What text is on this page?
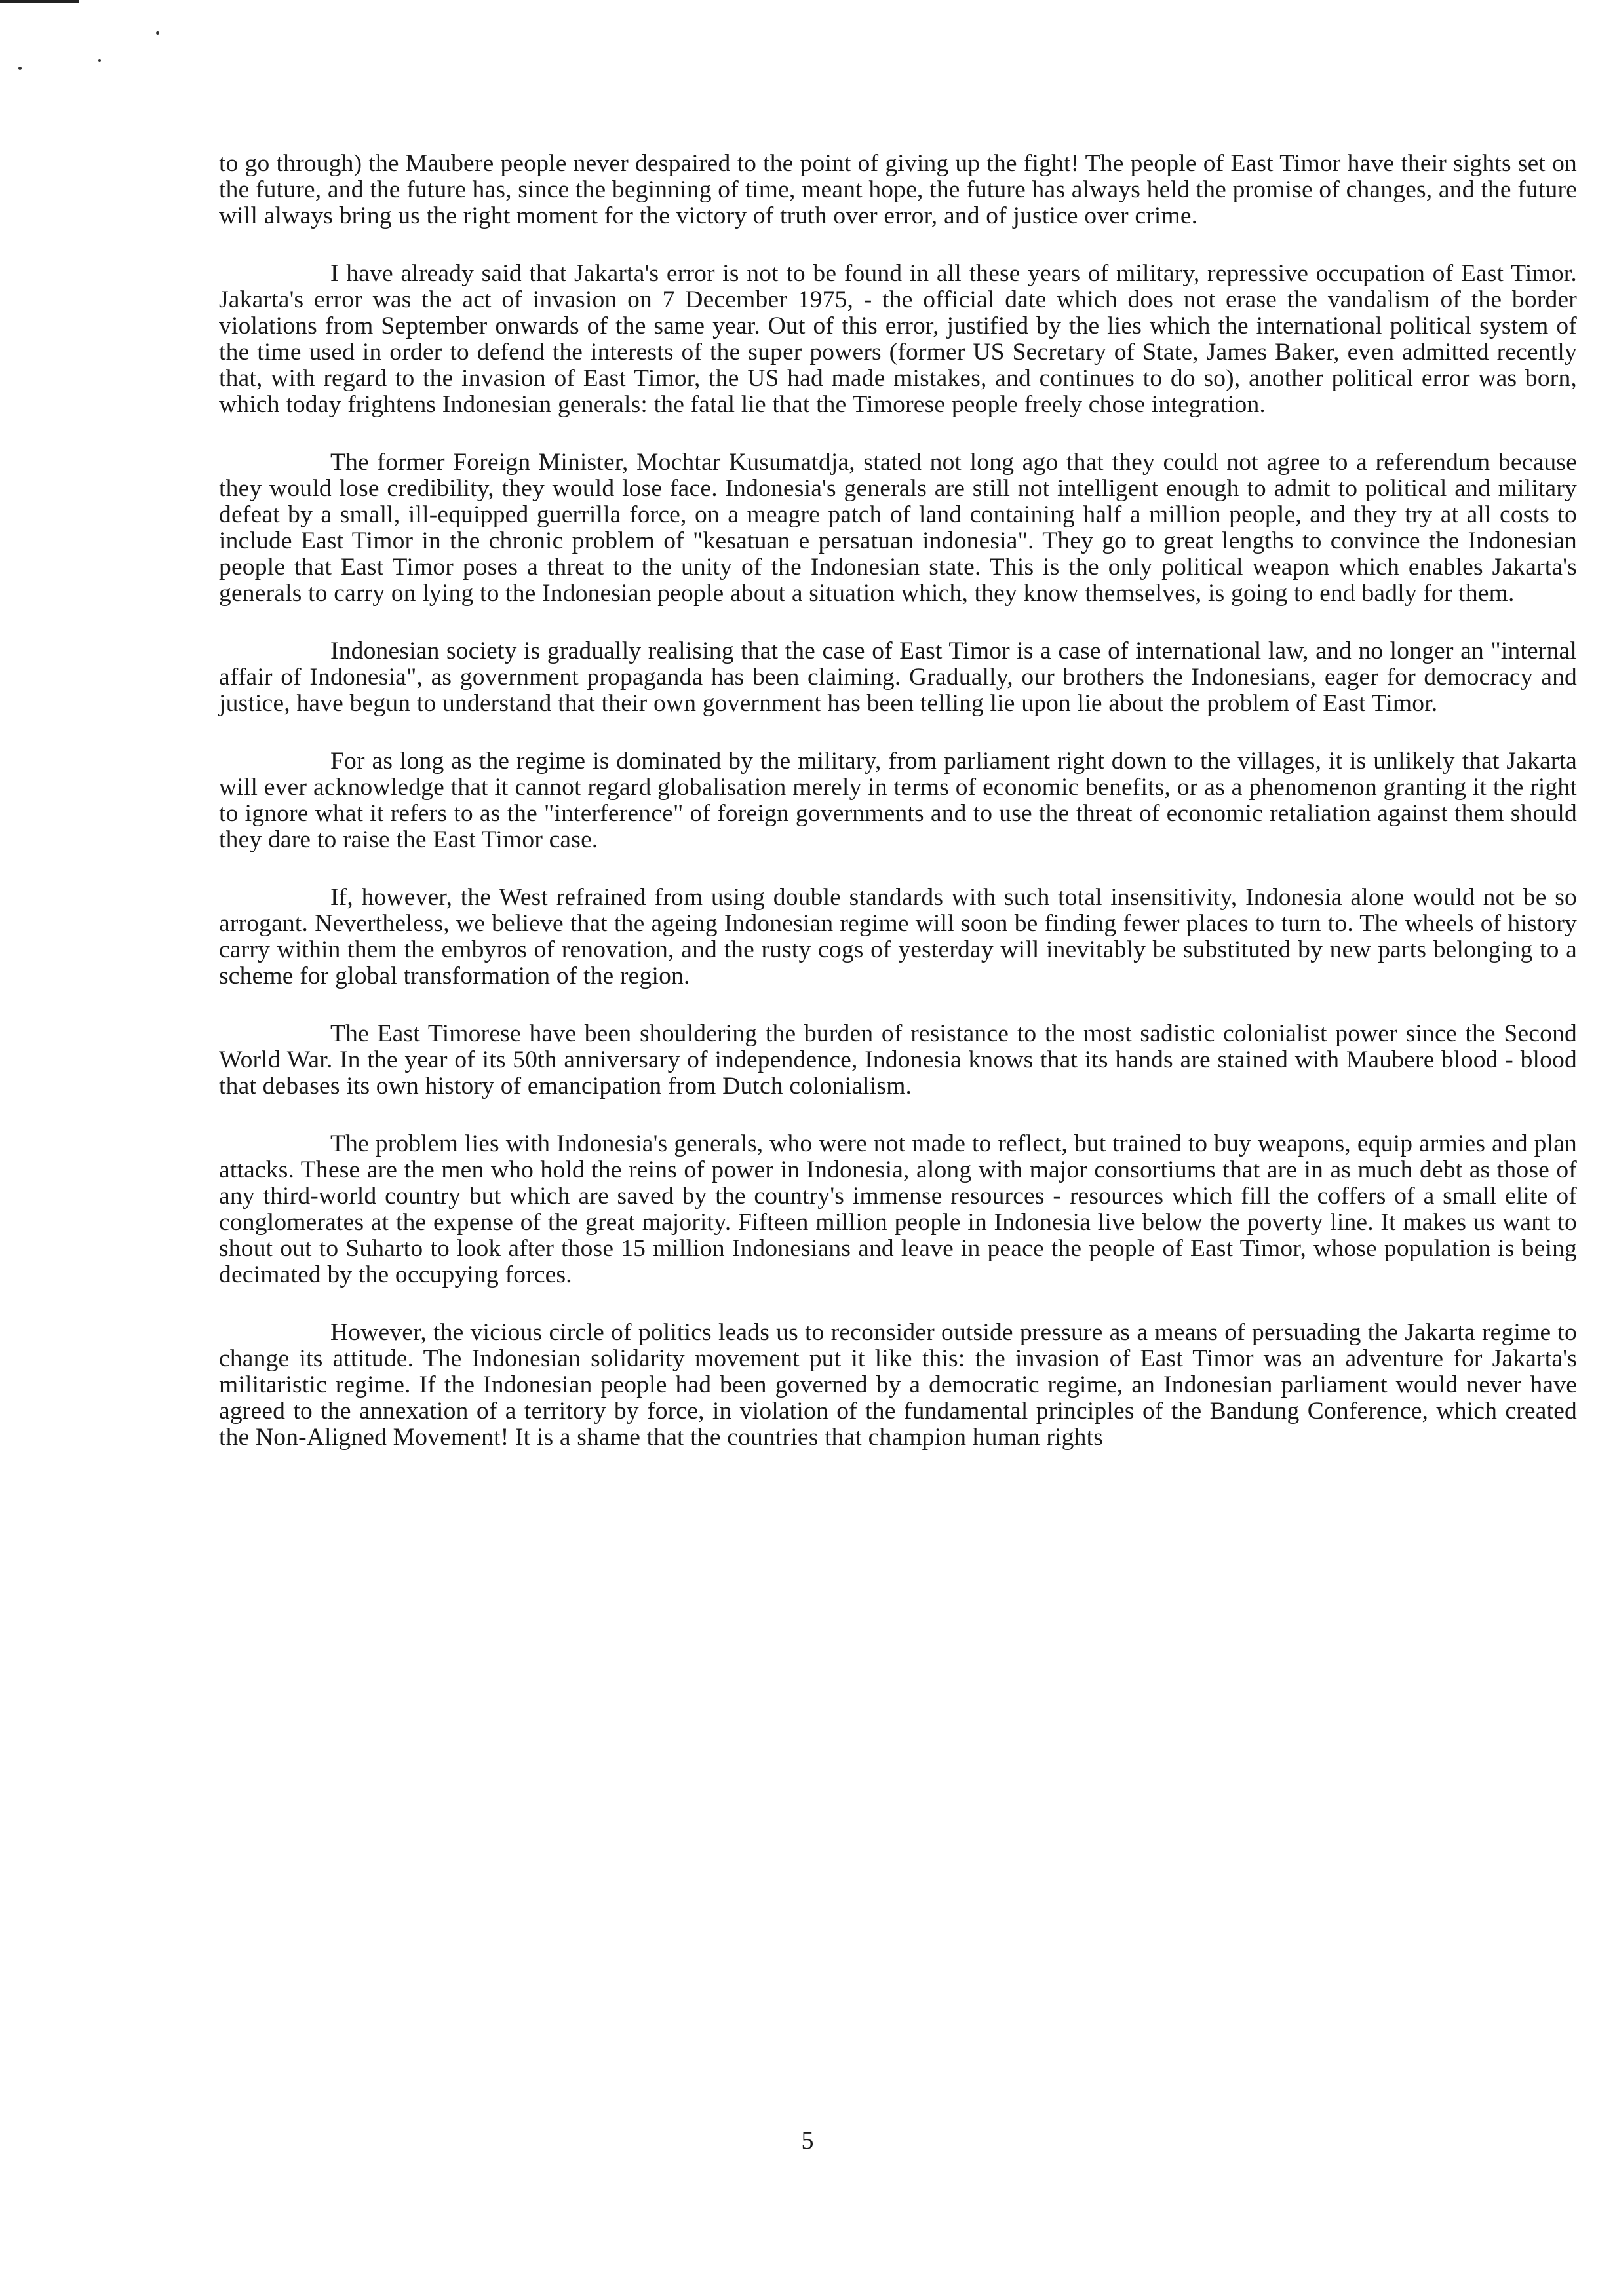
to go through) the Maubere people never despaired to the point of giving up the fight! The people of East Timor have their sights set on the future, and the future has, since the beginning of time, meant hope, the future has always held the promise of changes, and the future will always bring us the right moment for the victory of truth over error, and of justice over crime.

I have already said that Jakarta's error is not to be found in all these years of military, repressive occupation of East Timor. Jakarta's error was the act of invasion on 7 December 1975, - the official date which does not erase the vandalism of the border violations from September onwards of the same year. Out of this error, justified by the lies which the international political system of the time used in order to defend the interests of the super powers (former US Secretary of State, James Baker, even admitted recently that, with regard to the invasion of East Timor, the US had made mistakes, and continues to do so), another political error was born, which today frightens Indonesian generals: the fatal lie that the Timorese people freely chose integration.

The former Foreign Minister, Mochtar Kusumatdja, stated not long ago that they could not agree to a referendum because they would lose credibility, they would lose face. Indonesia's generals are still not intelligent enough to admit to political and military defeat by a small, ill-equipped guerrilla force, on a meagre patch of land containing half a million people, and they try at all costs to include East Timor in the chronic problem of "kesatuan e persatuan indonesia". They go to great lengths to convince the Indonesian people that East Timor poses a threat to the unity of the Indonesian state. This is the only political weapon which enables Jakarta's generals to carry on lying to the Indonesian people about a situation which, they know themselves, is going to end badly for them.

Indonesian society is gradually realising that the case of East Timor is a case of international law, and no longer an "internal affair of Indonesia", as government propaganda has been claiming. Gradually, our brothers the Indonesians, eager for democracy and justice, have begun to understand that their own government has been telling lie upon lie about the problem of East Timor.

For as long as the regime is dominated by the military, from parliament right down to the villages, it is unlikely that Jakarta will ever acknowledge that it cannot regard globalisation merely in terms of economic benefits, or as a phenomenon granting it the right to ignore what it refers to as the "interference" of foreign governments and to use the threat of economic retaliation against them should they dare to raise the East Timor case.

If, however, the West refrained from using double standards with such total insensitivity, Indonesia alone would not be so arrogant. Nevertheless, we believe that the ageing Indonesian regime will soon be finding fewer places to turn to. The wheels of history carry within them the embyros of renovation, and the rusty cogs of yesterday will inevitably be substituted by new parts belonging to a scheme for global transformation of the region.

The East Timorese have been shouldering the burden of resistance to the most sadistic colonialist power since the Second World War. In the year of its 50th anniversary of independence, Indonesia knows that its hands are stained with Maubere blood - blood that debases its own history of emancipation from Dutch colonialism.

The problem lies with Indonesia's generals, who were not made to reflect, but trained to buy weapons, equip armies and plan attacks. These are the men who hold the reins of power in Indonesia, along with major consortiums that are in as much debt as those of any third-world country but which are saved by the country's immense resources - resources which fill the coffers of a small elite of conglomerates at the expense of the great majority. Fifteen million people in Indonesia live below the poverty line. It makes us want to shout out to Suharto to look after those 15 million Indonesians and leave in peace the people of East Timor, whose population is being decimated by the occupying forces.

However, the vicious circle of politics leads us to reconsider outside pressure as a means of persuading the Jakarta regime to change its attitude. The Indonesian solidarity movement put it like this: the invasion of East Timor was an adventure for Jakarta's militaristic regime. If the Indonesian people had been governed by a democratic regime, an Indonesian parliament would never have agreed to the annexation of a territory by force, in violation of the fundamental principles of the Bandung Conference, which created the Non-Aligned Movement! It is a shame that the countries that champion human rights

5
